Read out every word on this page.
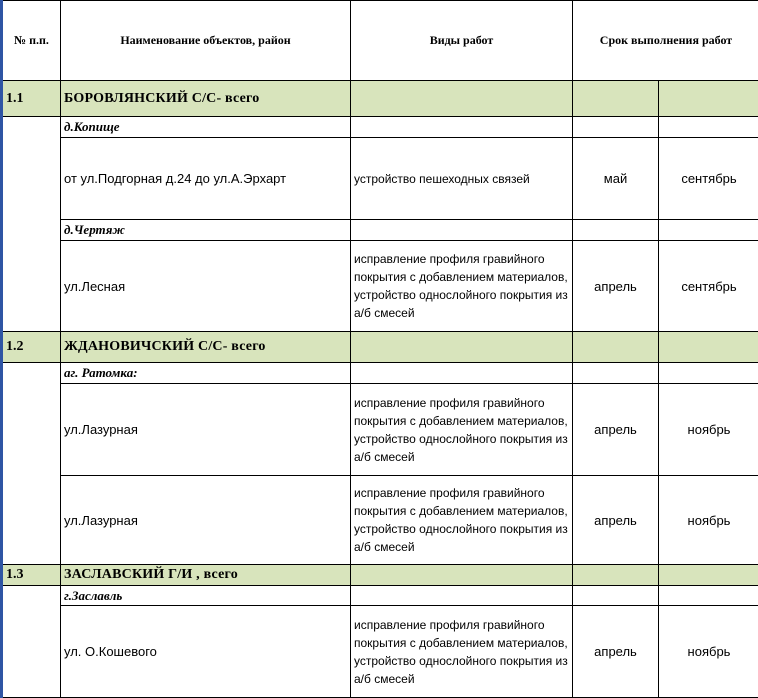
№ п.п.	Наименование объектов, район	Виды работ	Срок выполнения работ	
1.1	БОРОВЛЯНСКИЙ С/С- всего			
	д.Копище			
	от ул.Подгорная д.24 до ул.А.Эрхарт	устройство пешеходных связей	май	сентябрь
	д.Чертяж			
	ул.Лесная	исправление профиля гравийного покрытия с добавлением материалов, устройство однослойного покрытия из а/б смесей	апрель	сентябрь
1.2	ЖДАНОВИЧСКИЙ С/С- всего			
	аг. Ратомка:			
	ул.Лазурная	исправление профиля гравийного покрытия с добавлением материалов, устройство однослойного покрытия из а/б смесей	апрель	ноябрь
	ул.Лазурная	исправление профиля гравийного покрытия с добавлением материалов, устройство однослойного покрытия из а/б смесей	апрель	ноябрь
1.3	ЗАСЛАВСКИЙ Г/И , всего			
	г.Заславль			
	ул. О.Кошевого	исправление профиля гравийного покрытия с добавлением материалов, устройство однослойного покрытия из а/б смесей	апрель	ноябрь
